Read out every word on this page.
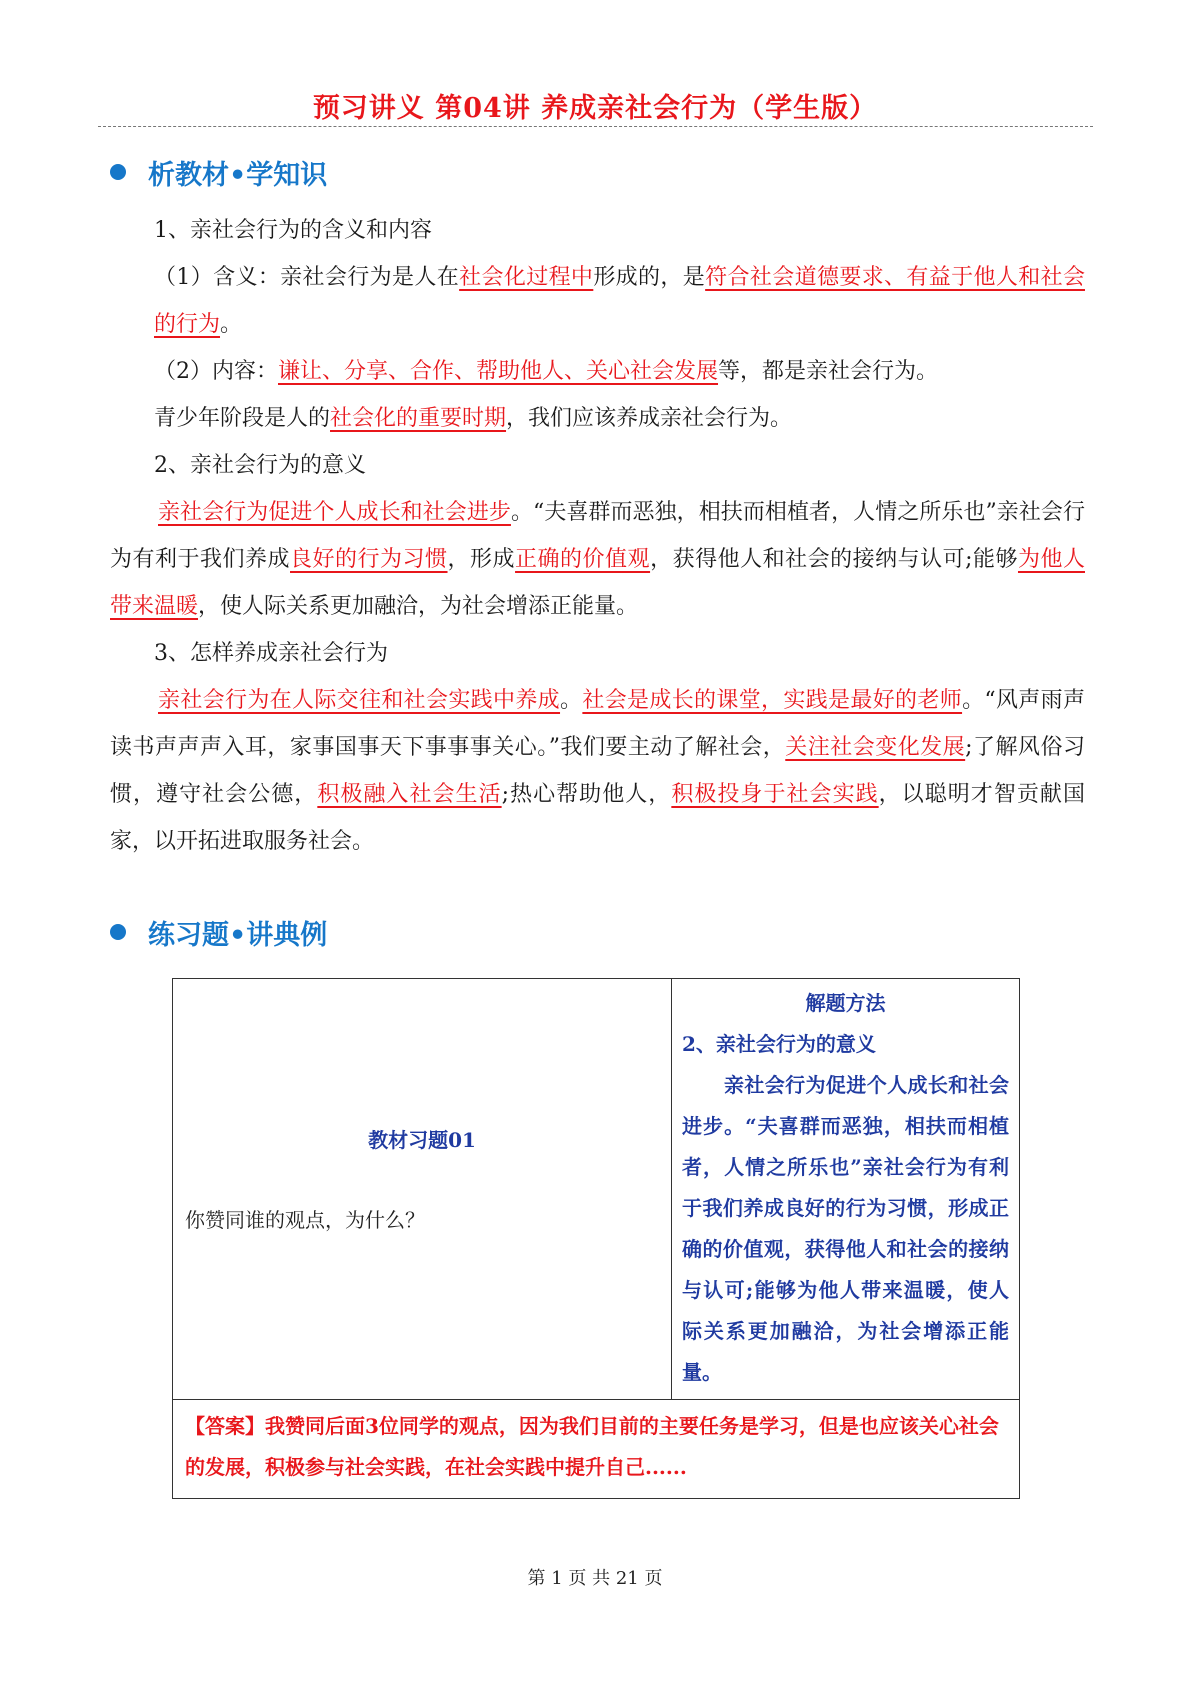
预习讲义 第04讲 养成亲社会行为（学生版）
析教材•学知识

1、亲社会行为的含义和内容

（1）含义：亲社会行为是人在社会化过程中形成的，是符合社会道德要求、有益于他人和社会的行为。

（2）内容：谦让、分享、合作、帮助他人、关心社会发展等，都是亲社会行为。

青少年阶段是人的社会化的重要时期，我们应该养成亲社会行为。

2、亲社会行为的意义

亲社会行为促进个人成长和社会进步。“夫喜群而恶独，相扶而相植者，人情之所乐也”亲社会行为有利于我们养成良好的行为习惯，形成正确的价值观，获得他人和社会的接纳与认可;能够为他人带来温暖，使人际关系更加融洽，为社会增添正能量。

3、怎样养成亲社会行为

亲社会行为在人际交往和社会实践中养成。社会是成长的课堂，实践是最好的老师。“风声雨声读书声声声入耳，家事国事天下事事事关心。”我们要主动了解社会，关注社会变化发展;了解风俗习惯，遵守社会公德，积极融入社会生活;热心帮助他人，积极投身于社会实践，以聪明才智贡献国家，以开拓进取服务社会。

练习题•讲典例
教材习题01
你赞同谁的观点，为什么？

解题方法
2、亲社会行为的意义
亲社会行为促进个人成长和社会进步。“夫喜群而恶独，相扶而相植者，人情之所乐也”亲社会行为有利于我们养成良好的行为习惯，形成正确的价值观，获得他人和社会的接纳与认可;能够为他人带来温暖，使人际关系更加融洽，为社会增添正能量。

【答案】我赞同后面3位同学的观点，因为我们目前的主要任务是学习，但是也应该关心社会的发展，积极参与社会实践，在社会实践中提升自己......
第 1 页 共 21 页
